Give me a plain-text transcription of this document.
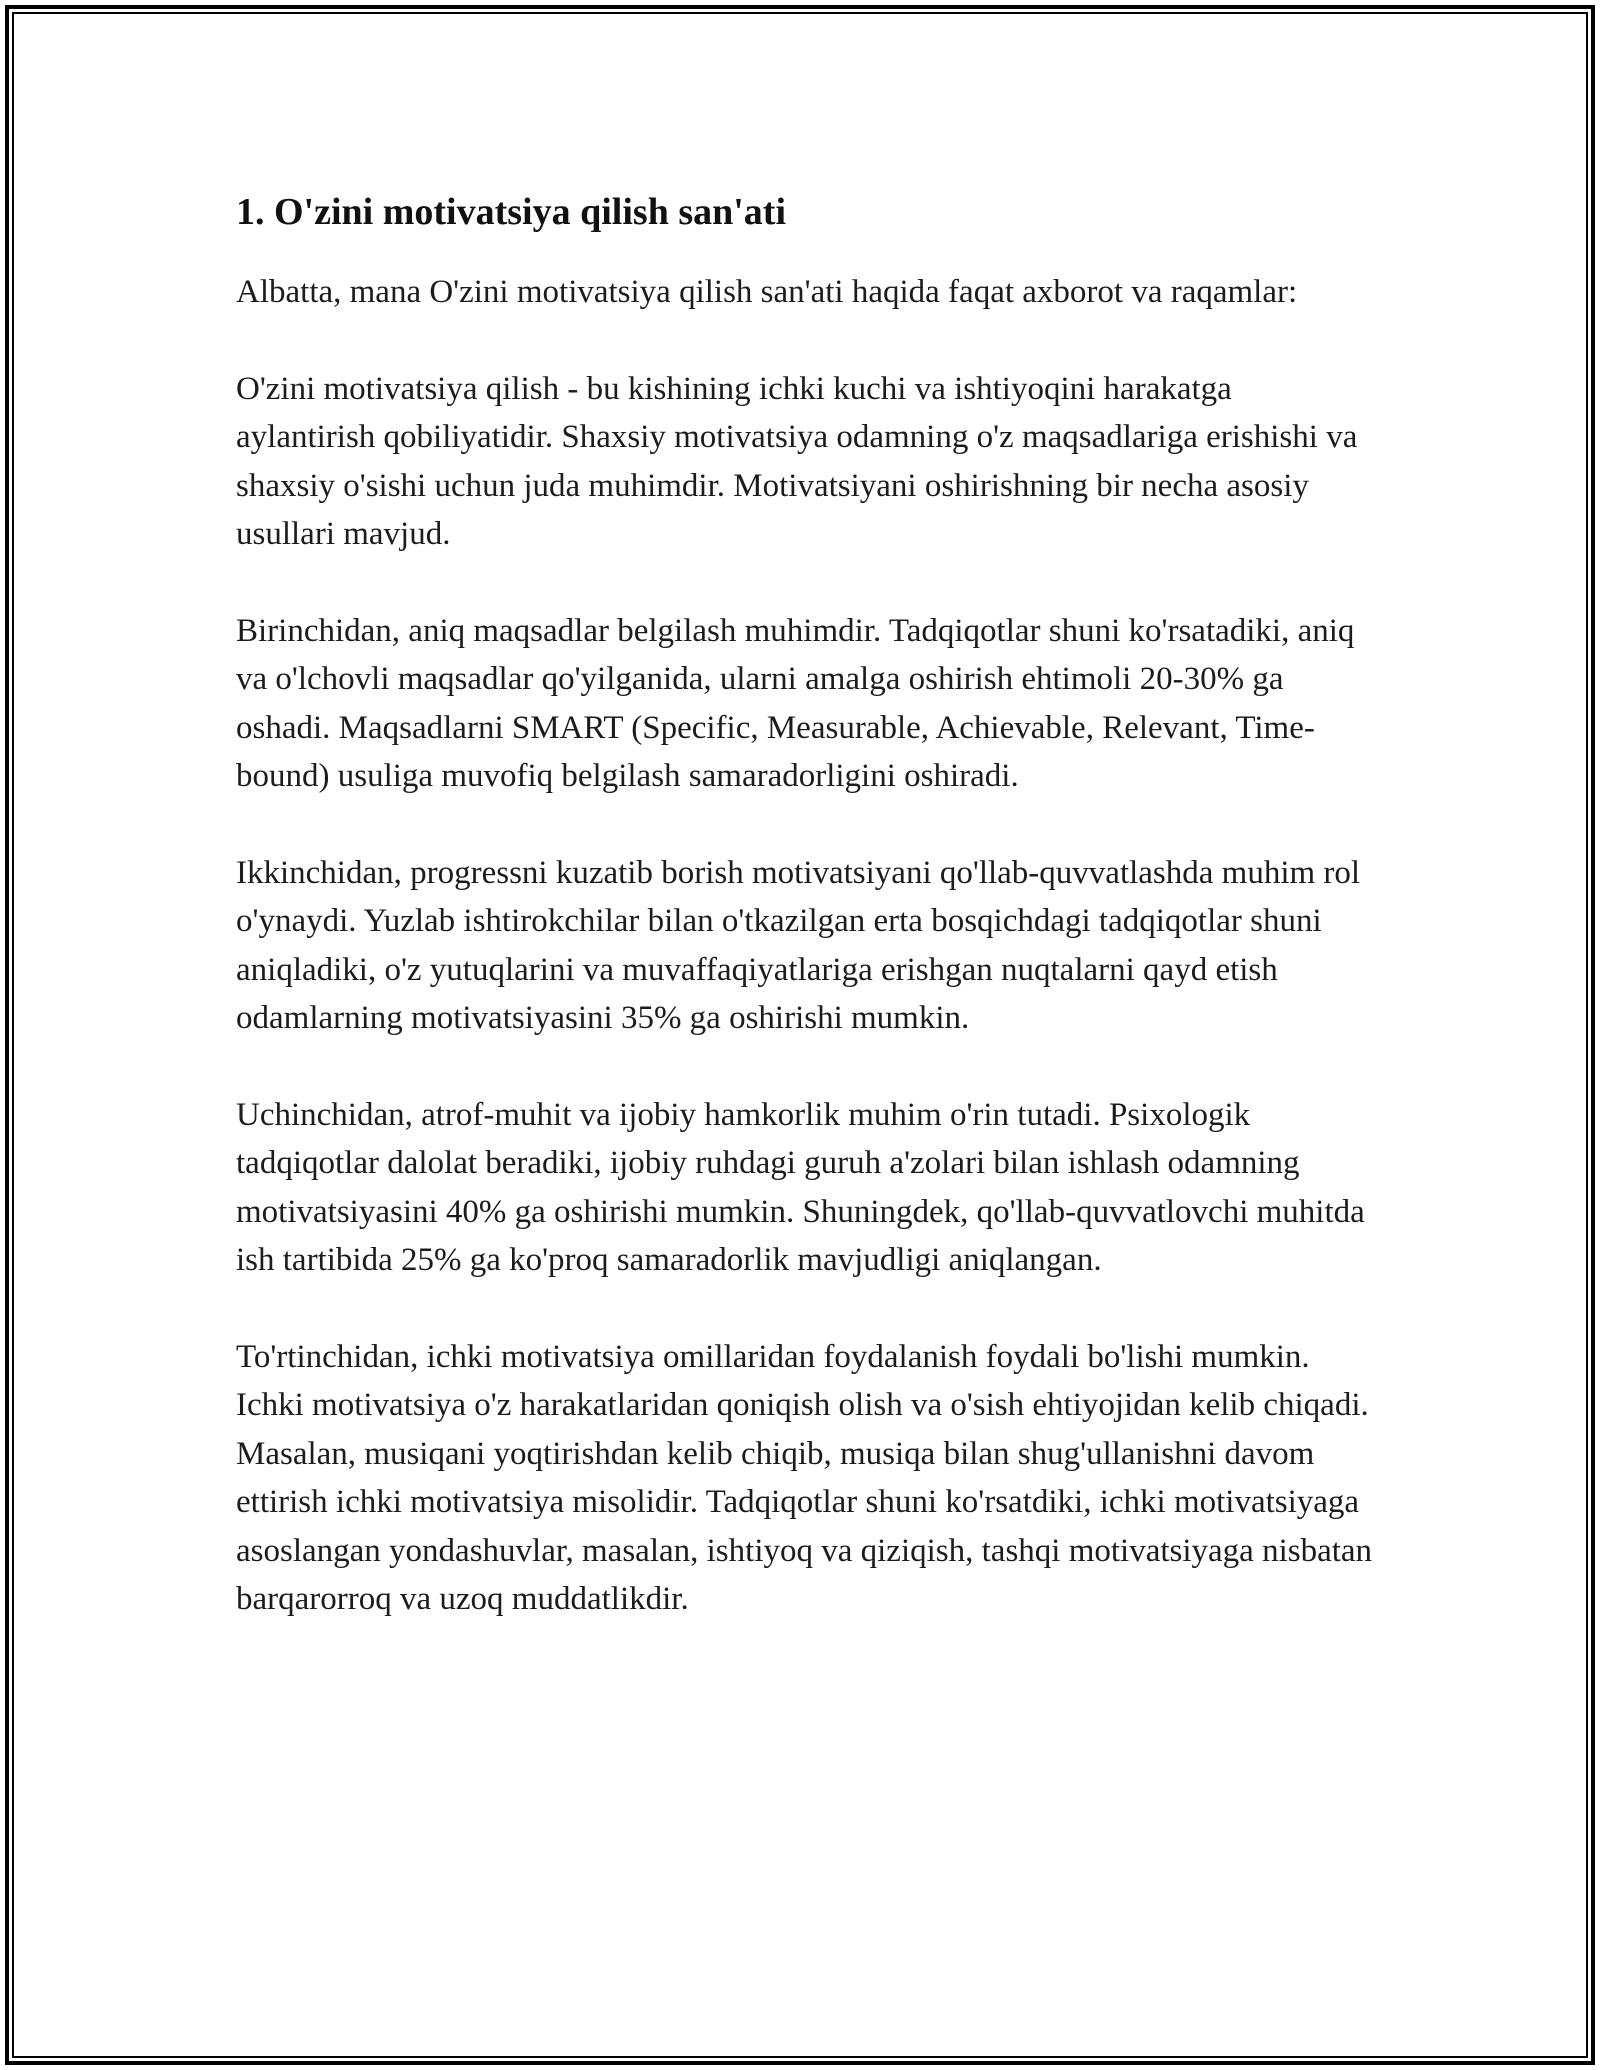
1. O'zini motivatsiya qilish san'ati

Albatta, mana O'zini motivatsiya qilish san'ati haqida faqat axborot va raqamlar:

O'zini motivatsiya qilish - bu kishining ichki kuchi va ishtiyoqini harakatga aylantirish qobiliyatidir. Shaxsiy motivatsiya odamning o'z maqsadlariga erishishi va shaxsiy o'sishi uchun juda muhimdir. Motivatsiyani oshirishning bir necha asosiy usullari mavjud.

Birinchidan, aniq maqsadlar belgilash muhimdir. Tadqiqotlar shuni ko'rsatadiki, aniq va o'lchovli maqsadlar qo'yilganida, ularni amalga oshirish ehtimoli 20-30% ga oshadi. Maqsadlarni SMART (Specific, Measurable, Achievable, Relevant, Time-bound) usuliga muvofiq belgilash samaradorligini oshiradi.

Ikkinchidan, progressni kuzatib borish motivatsiyani qo'llab-quvvatlashda muhim rol o'ynaydi. Yuzlab ishtirokchilar bilan o'tkazilgan erta bosqichdagi tadqiqotlar shuni aniqladiki, o'z yutuqlarini va muvaffaqiyatlariga erishgan nuqtalarni qayd etish odamlarning motivatsiyasini 35% ga oshirishi mumkin.

Uchinchidan, atrof-muhit va ijobiy hamkorlik muhim o'rin tutadi. Psixologik tadqiqotlar dalolat beradiki, ijobiy ruhdagi guruh a'zolari bilan ishlash odamning motivatsiyasini 40% ga oshirishi mumkin. Shuningdek, qo'llab-quvvatlovchi muhitda ish tartibida 25% ga ko'proq samaradorlik mavjudligi aniqlangan.

To'rtinchidan, ichki motivatsiya omillaridan foydalanish foydali bo'lishi mumkin. Ichki motivatsiya o'z harakatlaridan qoniqish olish va o'sish ehtiyojidan kelib chiqadi. Masalan, musiqani yoqtirishdan kelib chiqib, musiqa bilan shug'ullanishni davom ettirish ichki motivatsiya misolidir. Tadqiqotlar shuni ko'rsatdiki, ichki motivatsiyaga asoslangan yondashuvlar, masalan, ishtiyoq va qiziqish, tashqi motivatsiyaga nisbatan barqarorroq va uzoq muddatlikdir.
